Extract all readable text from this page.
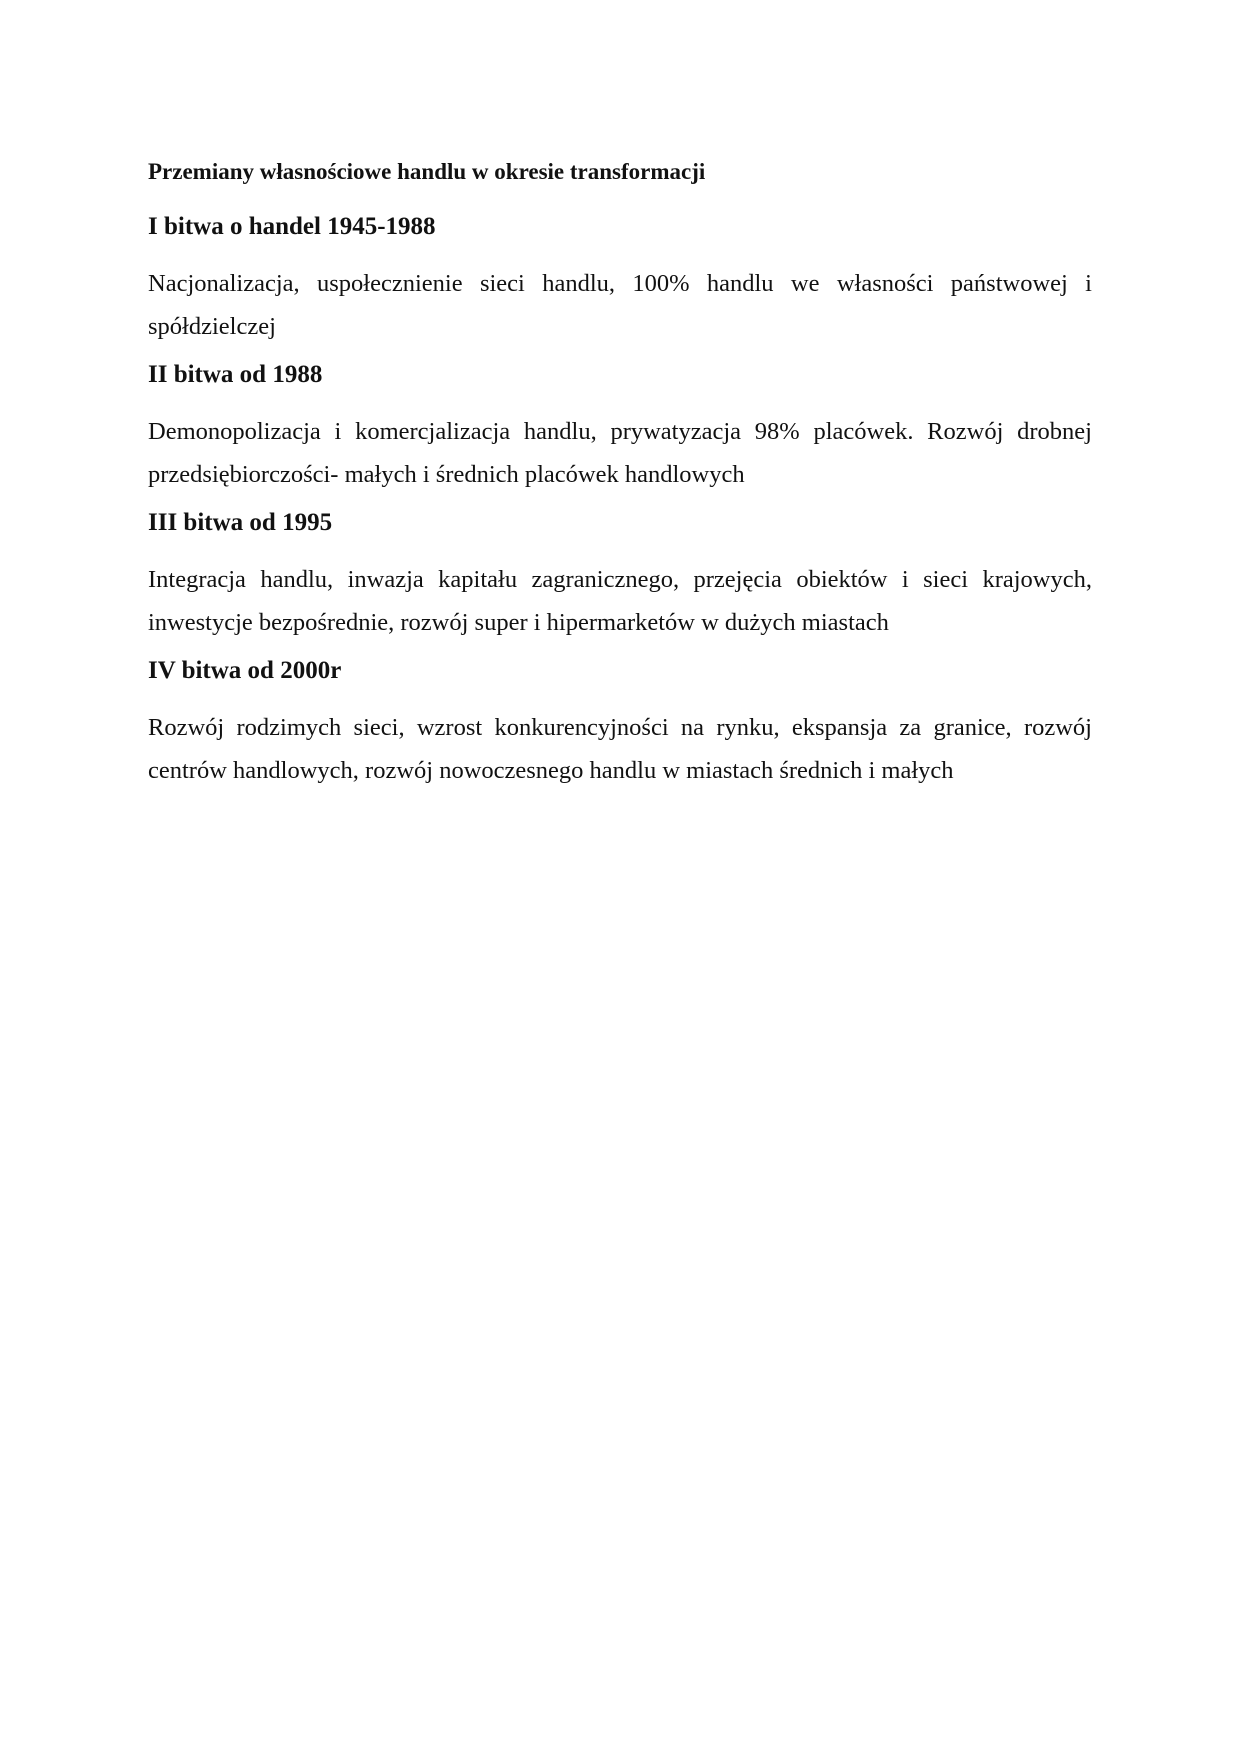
Przemiany własnościowe handlu w okresie transformacji
I bitwa o handel 1945-1988
Nacjonalizacja, uspołecznienie sieci handlu, 100% handlu we własności państwowej i spółdzielczej
II bitwa od 1988
Demonopolizacja i komercjalizacja handlu, prywatyzacja 98% placówek. Rozwój drobnej przedsiębiorczości- małych i średnich placówek handlowych
III bitwa od 1995
Integracja handlu, inwazja kapitału zagranicznego, przejęcia obiektów i sieci krajowych, inwestycje bezpośrednie, rozwój super i hipermarketów w dużych miastach
IV bitwa od 2000r
Rozwój rodzimych sieci, wzrost konkurencyjności na rynku, ekspansja za granice, rozwój centrów handlowych, rozwój nowoczesnego handlu w miastach średnich i małych
